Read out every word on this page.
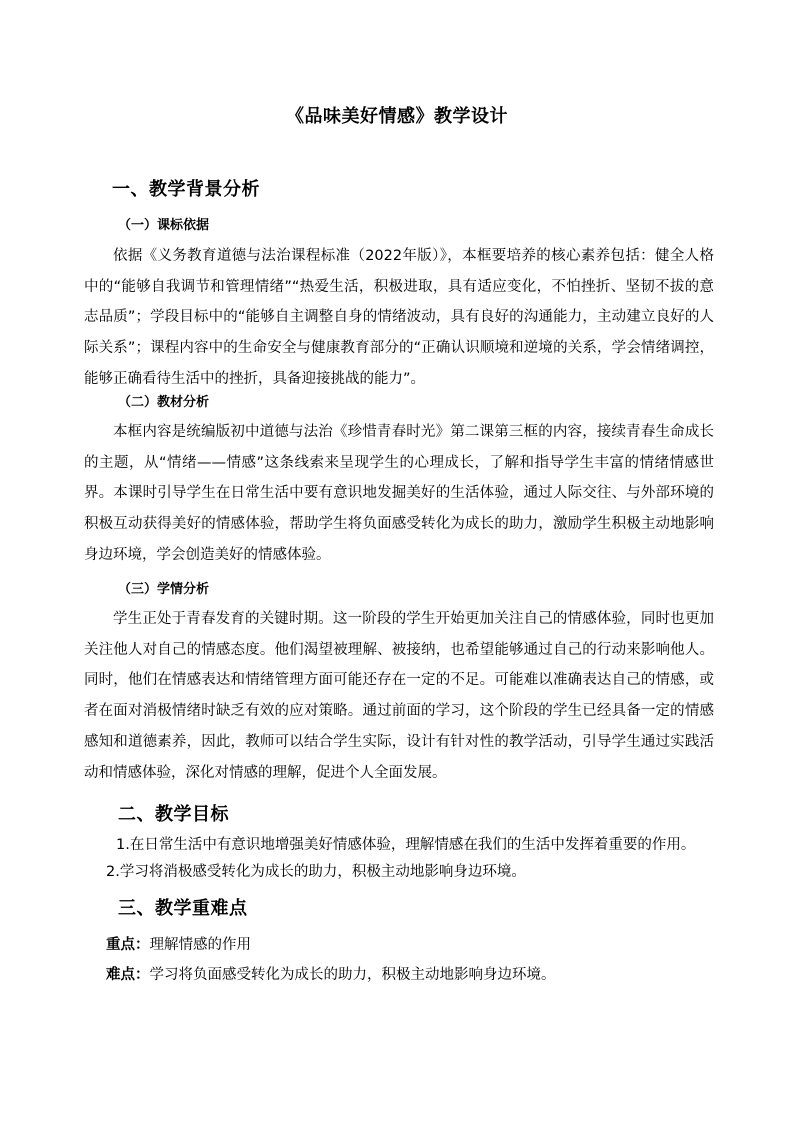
《品味美好情感》教学设计
一、教学背景分析
（一）课标依据
依据《义务教育道德与法治课程标准（2022年版）》，本框要培养的核心素养包括：健全人格中的“能够自我调节和管理情绪”“热爱生活，积极进取，具有适应变化，不怕挫折、坚韧不拔的意志品质”；学段目标中的“能够自主调整自身的情绪波动，具有良好的沟通能力，主动建立良好的人际关系”；课程内容中的生命安全与健康教育部分的“正确认识顺境和逆境的关系，学会情绪调控，能够正确看待生活中的挫折，具备迎接挑战的能力”。
（二）教材分析
本框内容是统编版初中道德与法治《珍惜青春时光》第二课第三框的内容，接续青春生命成长的主题，从“情绪——情感”这条线索来呈现学生的心理成长，了解和指导学生丰富的情绪情感世界。本课时引导学生在日常生活中要有意识地发掘美好的生活体验，通过人际交往、与外部环境的积极互动获得美好的情感体验，帮助学生将负面感受转化为成长的助力，激励学生积极主动地影响身边环境，学会创造美好的情感体验。
（三）学情分析
学生正处于青春发育的关键时期。这一阶段的学生开始更加关注自己的情感体验，同时也更加关注他人对自己的情感态度。他们渴望被理解、被接纳，也希望能够通过自己的行动来影响他人。同时，他们在情感表达和情绪管理方面可能还存在一定的不足。可能难以准确表达自己的情感，或者在面对消极情绪时缺乏有效的应对策略。通过前面的学习，这个阶段的学生已经具备一定的情感感知和道德素养，因此，教师可以结合学生实际，设计有针对性的教学活动，引导学生通过实践活动和情感体验，深化对情感的理解，促进个人全面发展。
二、教学目标
1.在日常生活中有意识地增强美好情感体验，理解情感在我们的生活中发挥着重要的作用。
2.学习将消极感受转化为成长的助力，积极主动地影响身边环境。
三、教学重难点
重点：理解情感的作用
难点：学习将负面感受转化为成长的助力，积极主动地影响身边环境。
